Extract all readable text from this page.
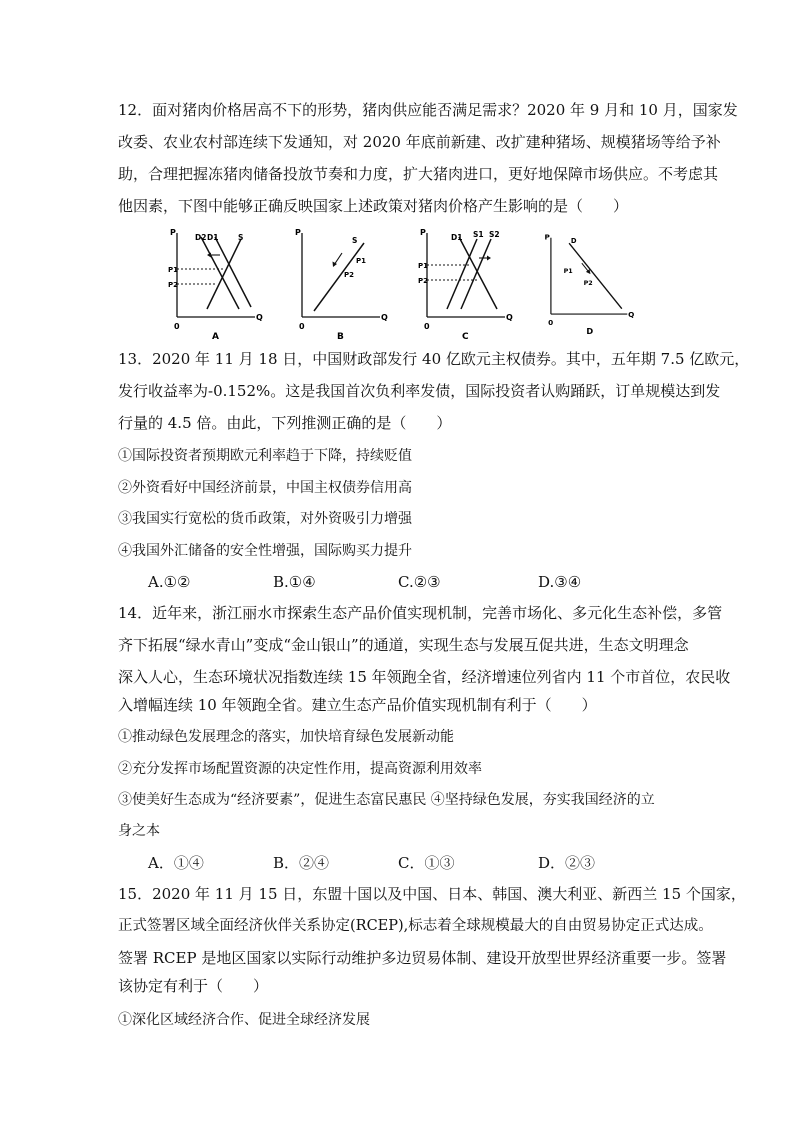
12．面对猪肉价格居高不下的形势，猪肉供应能否满足需求？2020 年 9 月和 10 月，国家发
改委、农业农村部连续下发通知，对 2020 年底前新建、改扩建种猪场、规模猪场等给予补
助，合理把握冻猪肉储备投放节奏和力度，扩大猪肉进口，更好地保障市场供应。不考虑其
他因素，下图中能够正确反映国家上述政策对猪肉价格产生影响的是（　　）
P
Q
0
D2 D1	S
P1
P2
A
P
Q
0
S
P1
P2
B
P
Q
0
D1 S1 S2
P1
P2
C
P
Q
0
D
P1
P2
D
13．2020 年 11 月 18 日，中国财政部发行 40 亿欧元主权债券。其中，五年期 7.5 亿欧元，
发行收益率为-0.152%。这是我国首次负利率发债，国际投资者认购踊跃，订单规模达到发
行量的 4.5 倍。由此，下列推测正确的是（　　）
①国际投资者预期欧元利率趋于下降，持续贬值
②外资看好中国经济前景，中国主权债券信用高
③我国实行宽松的货币政策，对外资吸引力增强
④我国外汇储备的安全性增强，国际购买力提升
A.①②	B.①④	C.②③	D.③④
14．近年来，浙江丽水市探索生态产品价值实现机制，完善市场化、多元化生态补偿，多管
齐下拓展“绿水青山”变成“金山银山”的通道，实现生态与发展互促共进，生态文明理念
深入人心，生态环境状况指数连续 15 年领跑全省，经济增速位列省内 11 个市首位，农民收
入增幅连续 10 年领跑全省。建立生态产品价值实现机制有利于（　　）
①推动绿色发展理念的落实，加快培育绿色发展新动能
②充分发挥市场配置资源的决定性作用，提高资源利用效率
③使美好生态成为“经济要素”，促进生态富民惠民 ④坚持绿色发展，夯实我国经济的立
身之本
A．①④	B．②④	C．①③	D．②③
15．2020 年 11 月 15 日，东盟十国以及中国、日本、韩国、澳大利亚、新西兰 15 个国家，
正式签署区域全面经济伙伴关系协定(RCEP),标志着全球规模最大的自由贸易协定正式达成。
签署 RCEP 是地区国家以实际行动维护多边贸易体制、建设开放型世界经济重要一步。签署
该协定有利于（　　）
①深化区域经济合作、促进全球经济发展
